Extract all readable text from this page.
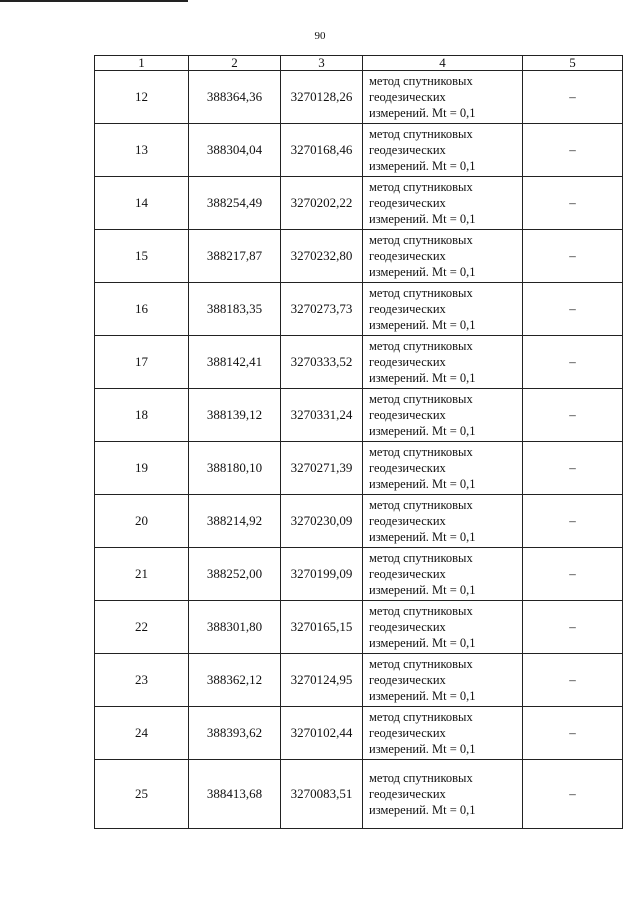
90
1	2	3	4	5
12	388364,36	3270128,26	метод спутниковых
геодезических
измерений. Mt = 0,1	–
13	388304,04	3270168,46	метод спутниковых
геодезических
измерений. Mt = 0,1	–
14	388254,49	3270202,22	метод спутниковых
геодезических
измерений. Mt = 0,1	–
15	388217,87	3270232,80	метод спутниковых
геодезических
измерений. Mt = 0,1	–
16	388183,35	3270273,73	метод спутниковых
геодезических
измерений. Mt = 0,1	–
17	388142,41	3270333,52	метод спутниковых
геодезических
измерений. Mt = 0,1	–
18	388139,12	3270331,24	метод спутниковых
геодезических
измерений. Mt = 0,1	–
19	388180,10	3270271,39	метод спутниковых
геодезических
измерений. Mt = 0,1	–
20	388214,92	3270230,09	метод спутниковых
геодезических
измерений. Mt = 0,1	–
21	388252,00	3270199,09	метод спутниковых
геодезических
измерений. Mt = 0,1	–
22	388301,80	3270165,15	метод спутниковых
геодезических
измерений. Mt = 0,1	–
23	388362,12	3270124,95	метод спутниковых
геодезических
измерений. Mt = 0,1	–
24	388393,62	3270102,44	метод спутниковых
геодезических
измерений. Mt = 0,1	–
25	388413,68	3270083,51	метод спутниковых
геодезических
измерений. Mt = 0,1	–
